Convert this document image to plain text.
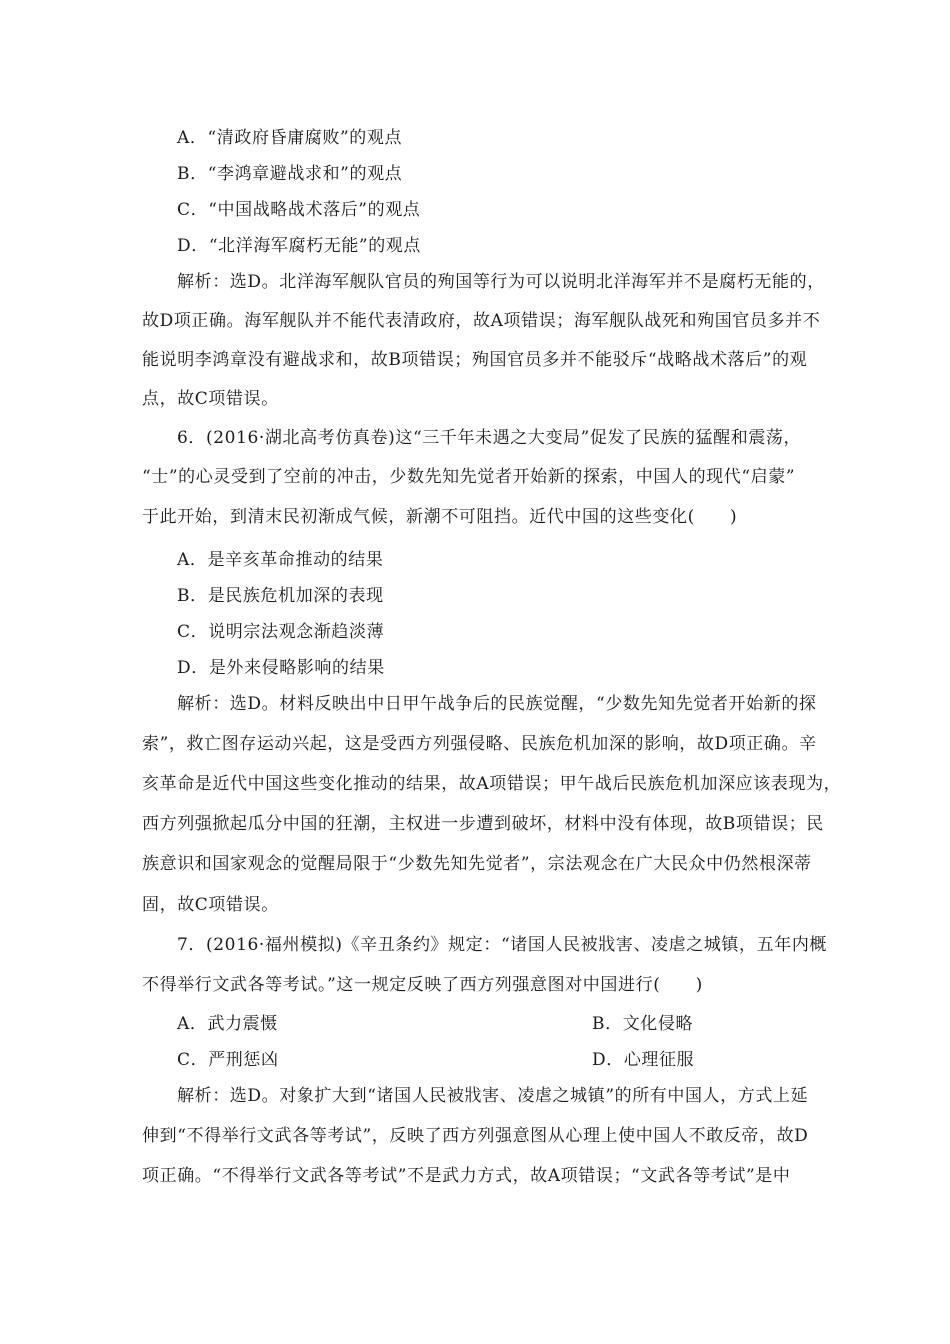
A．“清政府昏庸腐败”的观点
B．“李鸿章避战求和”的观点
C．“中国战略战术落后”的观点
D．“北洋海军腐朽无能”的观点
解析：选D。北洋海军舰队官员的殉国等行为可以说明北洋海军并不是腐朽无能的，
故D项正确。海军舰队并不能代表清政府，故A项错误；海军舰队战死和殉国官员多并不
能说明李鸿章没有避战求和，故B项错误；殉国官员多并不能驳斥“战略战术落后”的观
点，故C项错误。
6．(2016·湖北高考仿真卷)这“三千年未遇之大变局”促发了民族的猛醒和震荡，
“士”的心灵受到了空前的冲击，少数先知先觉者开始新的探索，中国人的现代“启蒙”
于此开始，到清末民初渐成气候，新潮不可阻挡。近代中国的这些变化(　　)
A．是辛亥革命推动的结果
B．是民族危机加深的表现
C．说明宗法观念渐趋淡薄
D．是外来侵略影响的结果
解析：选D。材料反映出中日甲午战争后的民族觉醒，“少数先知先觉者开始新的探
索”，救亡图存运动兴起，这是受西方列强侵略、民族危机加深的影响，故D项正确。辛
亥革命是近代中国这些变化推动的结果，故A项错误；甲午战后民族危机加深应该表现为，
西方列强掀起瓜分中国的狂潮，主权进一步遭到破坏，材料中没有体现，故B项错误；民
族意识和国家观念的觉醒局限于“少数先知先觉者”，宗法观念在广大民众中仍然根深蒂
固，故C项错误。
7．(2016·福州模拟)《辛丑条约》规定：“诸国人民被戕害、凌虐之城镇，五年内概
不得举行文武各等考试。”这一规定反映了西方列强意图对中国进行(　　)
A．武力震慑	B．文化侵略
C．严刑惩凶	D．心理征服
解析：选D。对象扩大到“诸国人民被戕害、凌虐之城镇”的所有中国人，方式上延
伸到“不得举行文武各等考试”，反映了西方列强意图从心理上使中国人不敢反帝，故D
项正确。“不得举行文武各等考试”不是武力方式，故A项错误；“文武各等考试”是中
